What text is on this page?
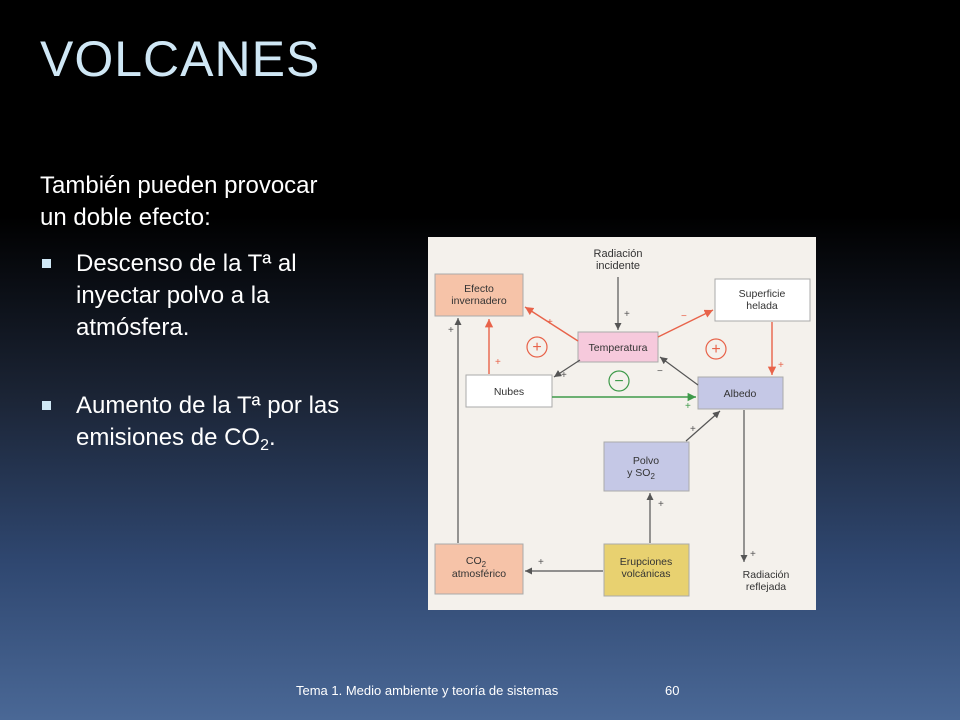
VOLCANES

También pueden provocar un doble efecto:

Descenso de la Tª al inyectar polvo a la atmósfera.
Aumento de la Tª por las emisiones de $CO_2$.
Radiación incidente
Efecto invernadero
Superficie helada
Temperatura
Nubes	Albedo
Polvo y $SO_2$
$CO_2$ atmosférico
Erupciones volcánicas	Radiación reflejada
+
−
+
+
+
+
−
+
−
+
+
+
+
+
+
+
Tema 1. Medio ambiente y teoría de sistemas	60
